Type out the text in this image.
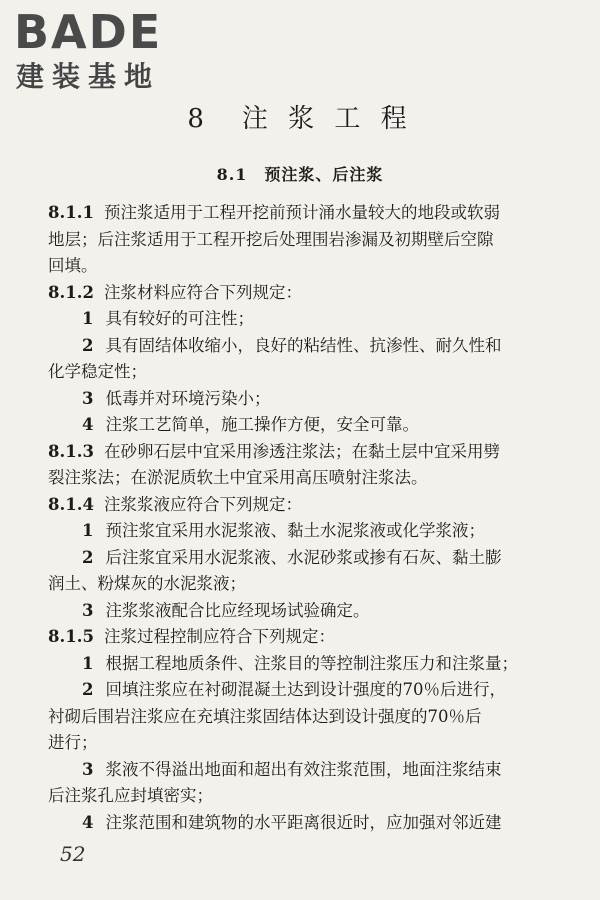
BADE
建装基地
8　注 浆 工 程
8.1　预注浆、后注浆
8.1.1 预注浆适用于工程开挖前预计涌水量较大的地段或软弱
地层；后注浆适用于工程开挖后处理围岩渗漏及初期壁后空隙
回填。
8.1.2 注浆材料应符合下列规定：
1 具有较好的可注性；
2 具有固结体收缩小，良好的粘结性、抗渗性、耐久性和
化学稳定性；
3 低毒并对环境污染小；
4 注浆工艺简单，施工操作方便，安全可靠。
8.1.3 在砂卵石层中宜采用渗透注浆法；在黏土层中宜采用劈
裂注浆法；在淤泥质软土中宜采用高压喷射注浆法。
8.1.4 注浆浆液应符合下列规定：
1 预注浆宜采用水泥浆液、黏土水泥浆液或化学浆液；
2 后注浆宜采用水泥浆液、水泥砂浆或掺有石灰、黏土膨
润土、粉煤灰的水泥浆液；
3 注浆浆液配合比应经现场试验确定。
8.1.5 注浆过程控制应符合下列规定：
1 根据工程地质条件、注浆目的等控制注浆压力和注浆量；
2 回填注浆应在衬砌混凝土达到设计强度的70％后进行，
衬砌后围岩注浆应在充填注浆固结体达到设计强度的70％后
进行；
3 浆液不得溢出地面和超出有效注浆范围，地面注浆结束
后注浆孔应封填密实；
4 注浆范围和建筑物的水平距离很近时，应加强对邻近建
52
